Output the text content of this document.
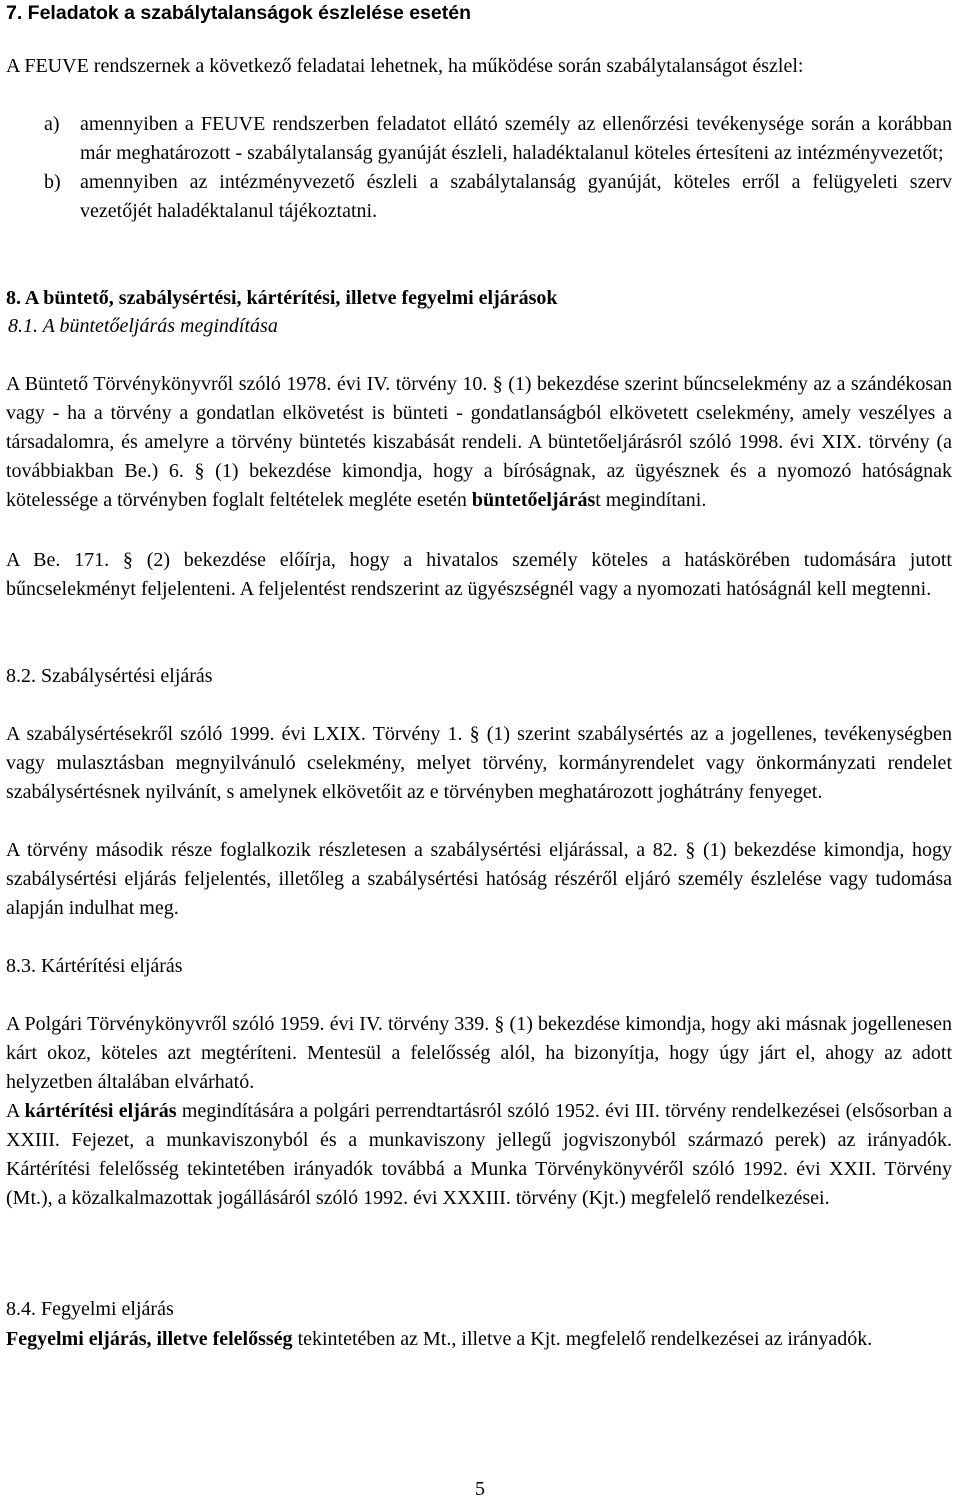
7. Feladatok a szabálytalanságok észlelése esetén

A FEUVE rendszernek a következő feladatai lehetnek, ha működése során szabálytalanságot észlel:

a) amennyiben a FEUVE rendszerben feladatot ellátó személy az ellenőrzési tevékenysége során a korábban már meghatározott - szabálytalanság gyanúját észleli, haladéktalanul köteles értesíteni az intézményvezetőt;
b) amennyiben az intézményvezető észleli a szabálytalanság gyanúját, köteles erről a felügyeleti szerv vezetőjét haladéktalanul tájékoztatni.
8. A büntető, szabálysértési, kártérítési, illetve fegyelmi eljárások

8.1. A büntetőeljárás megindítása

A Büntető Törvénykönyvről szóló 1978. évi IV. törvény 10. § (1) bekezdése szerint bűncselekmény az a szándékosan vagy - ha a törvény a gondatlan elkövetést is bünteti - gondatlanságból elkövetett cselekmény, amely veszélyes a társadalomra, és amelyre a törvény büntetés kiszabását rendeli. A büntetőeljárásról szóló 1998. évi XIX. törvény (a továbbiakban Be.) 6. § (1) bekezdése kimondja, hogy a bíróságnak, az ügyésznek és a nyomozó hatóságnak kötelessége a törvényben foglalt feltételek megléte esetén büntetőeljárást megindítani.

A Be. 171. § (2) bekezdése előírja, hogy a hivatalos személy köteles a hatáskörében tudomására jutott bűncselekményt feljelenteni. A feljelentést rendszerint az ügyészségnél vagy a nyomozati hatóságnál kell megtenni.

8.2. Szabálysértési eljárás

A szabálysértésekről szóló 1999. évi LXIX. Törvény 1. § (1) szerint szabálysértés az a jogellenes, tevékenységben vagy mulasztásban megnyilvánuló cselekmény, melyet törvény, kormányrendelet vagy önkormányzati rendelet szabálysértésnek nyilvánít, s amelynek elkövetőit az e törvényben meghatározott joghátrány fenyeget.

A törvény második része foglalkozik részletesen a szabálysértési eljárással, a 82. § (1) bekezdése kimondja, hogy szabálysértési eljárás feljelentés, illetőleg a szabálysértési hatóság részéről eljáró személy észlelése vagy tudomása alapján indulhat meg.

8.3. Kártérítési eljárás

A Polgári Törvénykönyvről szóló 1959. évi IV. törvény 339. § (1) bekezdése kimondja, hogy aki másnak jogellenesen kárt okoz, köteles azt megtéríteni. Mentesül a felelősség alól, ha bizonyítja, hogy úgy járt el, ahogy az adott helyzetben általában elvárható.

A kártérítési eljárás megindítására a polgári perrendtartásról szóló 1952. évi III. törvény rendelkezései (elsősorban a XXIII. Fejezet, a munkaviszonyból és a munkaviszony jellegű jogviszonyból származó perek) az irányadók. Kártérítési felelősség tekintetében irányadók továbbá a Munka Törvénykönyvéről szóló 1992. évi XXII. Törvény (Mt.), a közalkalmazottak jogállásáról szóló 1992. évi XXXIII. törvény (Kjt.) megfelelő rendelkezései.

8.4. Fegyelmi eljárás

Fegyelmi eljárás, illetve felelősség tekintetében az Mt., illetve a Kjt. megfelelő rendelkezései az irányadók.

5
